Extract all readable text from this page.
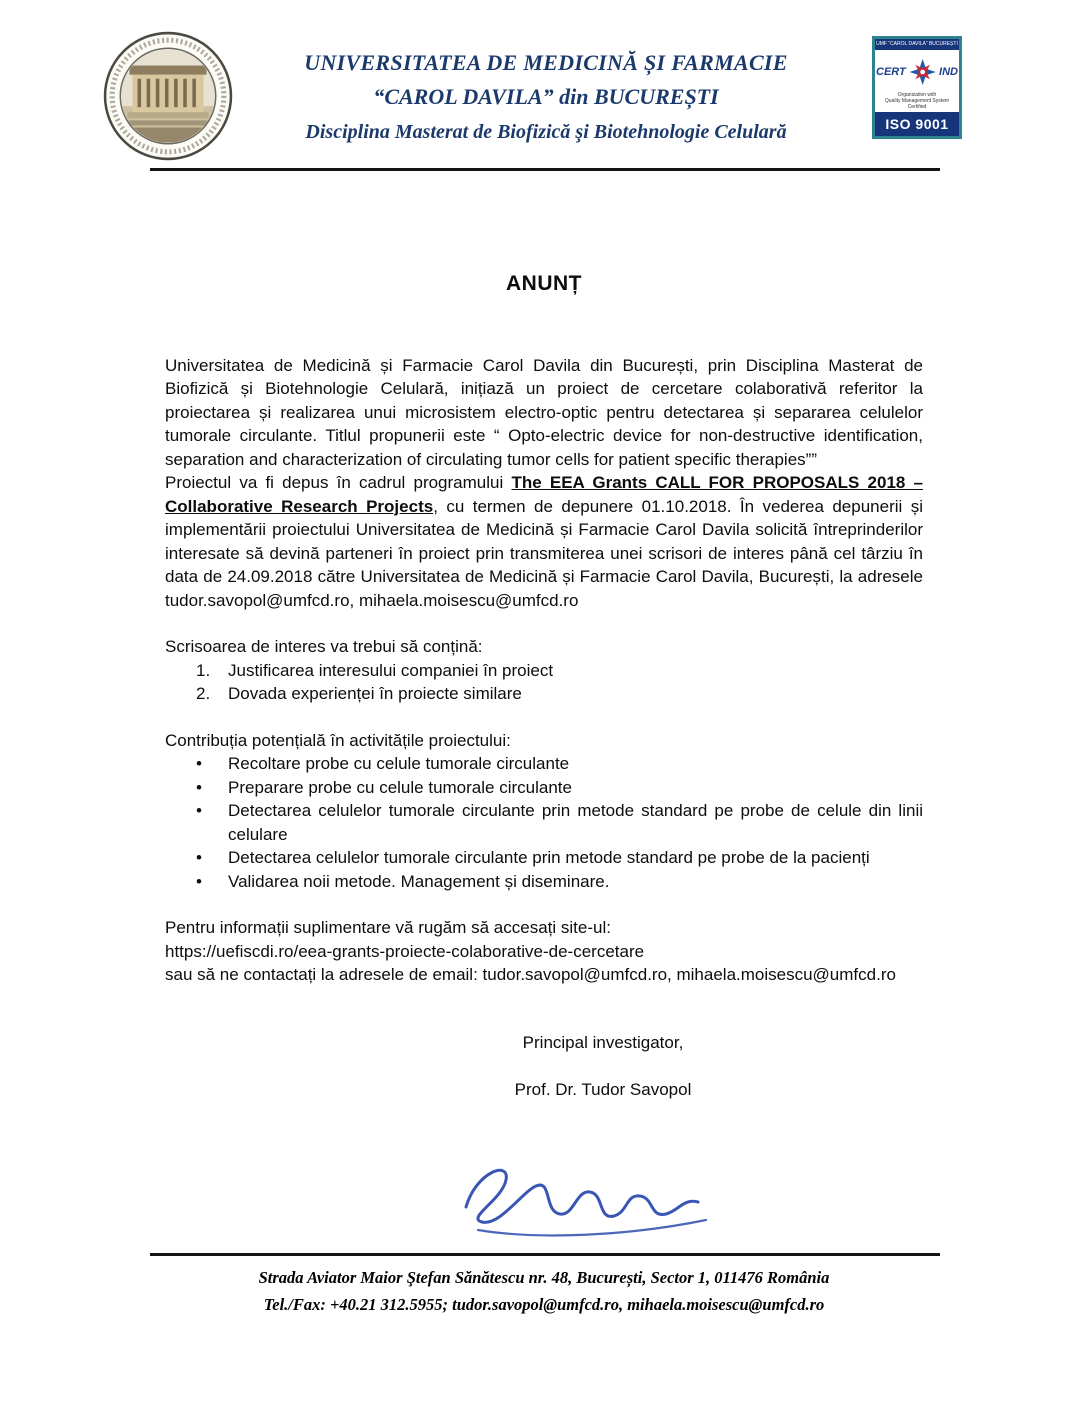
UNIVERSITATEA DE MEDICINĂ ȘI FARMACIE
“CAROL DAVILA” din BUCUREȘTI
Disciplina Masterat de Biofizică şi Biotehnologie Celulară
UMF “CAROL DAVILA” BUCUREȘTI
CERT	IND
Organization with
Quality Management System
Certified
ISO 9001
ANUNȚ

Universitatea de Medicină și Farmacie Carol Davila din București, prin Disciplina Masterat de Biofizică și Biotehnologie Celulară, inițiază un proiect de cercetare colaborativă referitor la proiectarea și realizarea unui microsistem electro-optic pentru detectarea și separarea celulelor tumorale circulante. Titlul propunerii este “ Opto-electric device for non-destructive identification, separation and characterization of circulating tumor cells for patient specific therapies””

Proiectul va fi depus în cadrul programului The EEA Grants CALL FOR PROPOSALS 2018 – Collaborative Research Projects, cu termen de depunere 01.10.2018. În vederea depunerii și implementării proiectului Universitatea de Medicină și Farmacie Carol Davila solicită întreprinderilor interesate să devină parteneri în proiect prin transmiterea unei scrisori de interes până cel târziu în data de 24.09.2018 către Universitatea de Medicină și Farmacie Carol Davila, București, la adresele tudor.savopol@umfcd.ro, mihaela.moisescu@umfcd.ro

Scrisoarea de interes va trebui să conțină:

1. Justificarea interesului companiei în proiect
2. Dovada experienței în proiecte similare

Contribuția potențială în activitățile proiectului:

• Recoltare probe cu celule tumorale circulante
• Preparare probe cu celule tumorale circulante
• Detectarea celulelor tumorale circulante prin metode standard pe probe de celule din linii celulare
• Detectarea celulelor tumorale circulante prin metode standard pe probe de la pacienți
• Validarea noii metode. Management și diseminare.

Pentru informații suplimentare vă rugăm să accesați site-ul:

https://uefiscdi.ro/eea-grants-proiecte-colaborative-de-cercetare

sau să ne contactați la adresele de email: tudor.savopol@umfcd.ro, mihaela.moisescu@umfcd.ro

Principal investigator,
Prof. Dr. Tudor Savopol
Strada Aviator Maior Ştefan Sănătescu nr. 48, București, Sector 1, 011476 România
Tel./Fax: +40.21 312.5955; tudor.savopol@umfcd.ro, mihaela.moisescu@umfcd.ro
